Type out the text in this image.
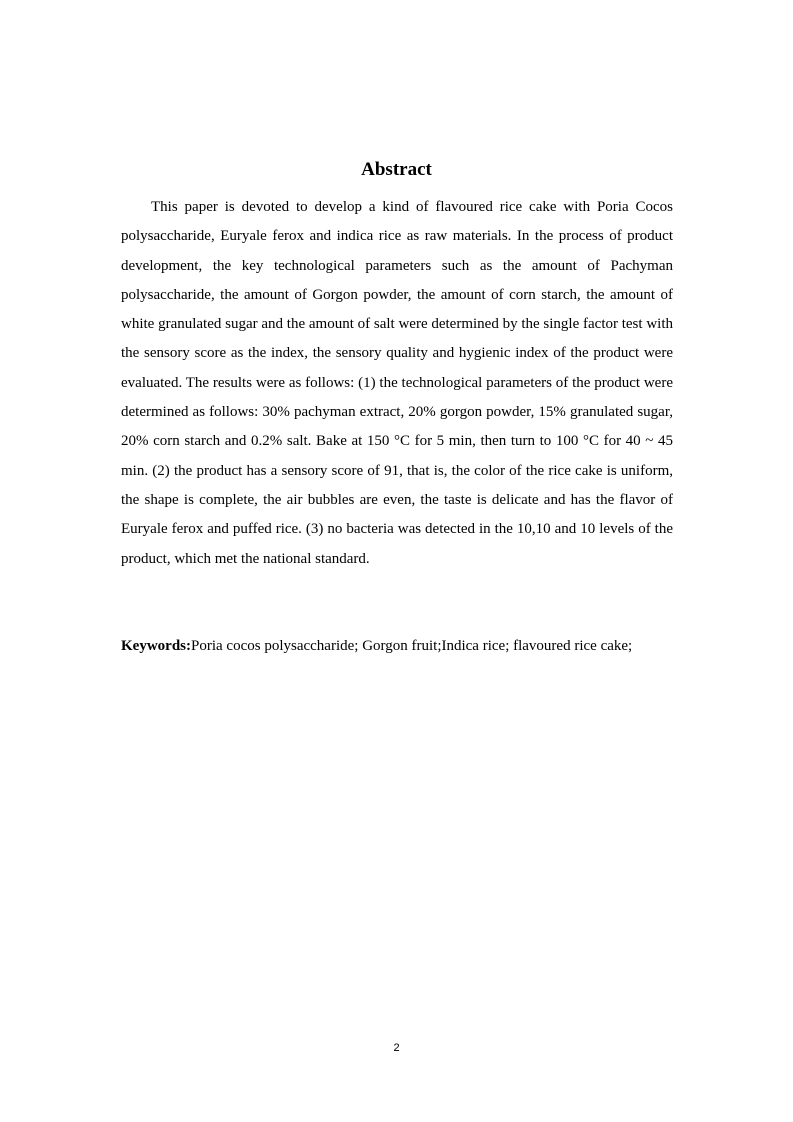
Abstract

This paper is devoted to develop a kind of flavoured rice cake with Poria Cocos polysaccharide, Euryale ferox and indica rice as raw materials. In the process of product development, the key technological parameters such as the amount of Pachyman polysaccharide, the amount of Gorgon powder, the amount of corn starch, the amount of white granulated sugar and the amount of salt were determined by the single factor test with the sensory score as the index, the sensory quality and hygienic index of the product were evaluated. The results were as follows: (1) the technological parameters of the product were determined as follows: 30% pachyman extract, 20% gorgon powder, 15% granulated sugar, 20% corn starch and 0.2% salt. Bake at 150 °C for 5 min, then turn to 100 °C for 40 ~ 45 min. (2) the product has a sensory score of 91, that is, the color of the rice cake is uniform, the shape is complete, the air bubbles are even, the taste is delicate and has the flavor of Euryale ferox and puffed rice. (3) no bacteria was detected in the 10,10 and 10 levels of the product, which met the national standard.

Keywords:Poria cocos polysaccharide; Gorgon fruit;Indica rice; flavoured rice cake;

2
